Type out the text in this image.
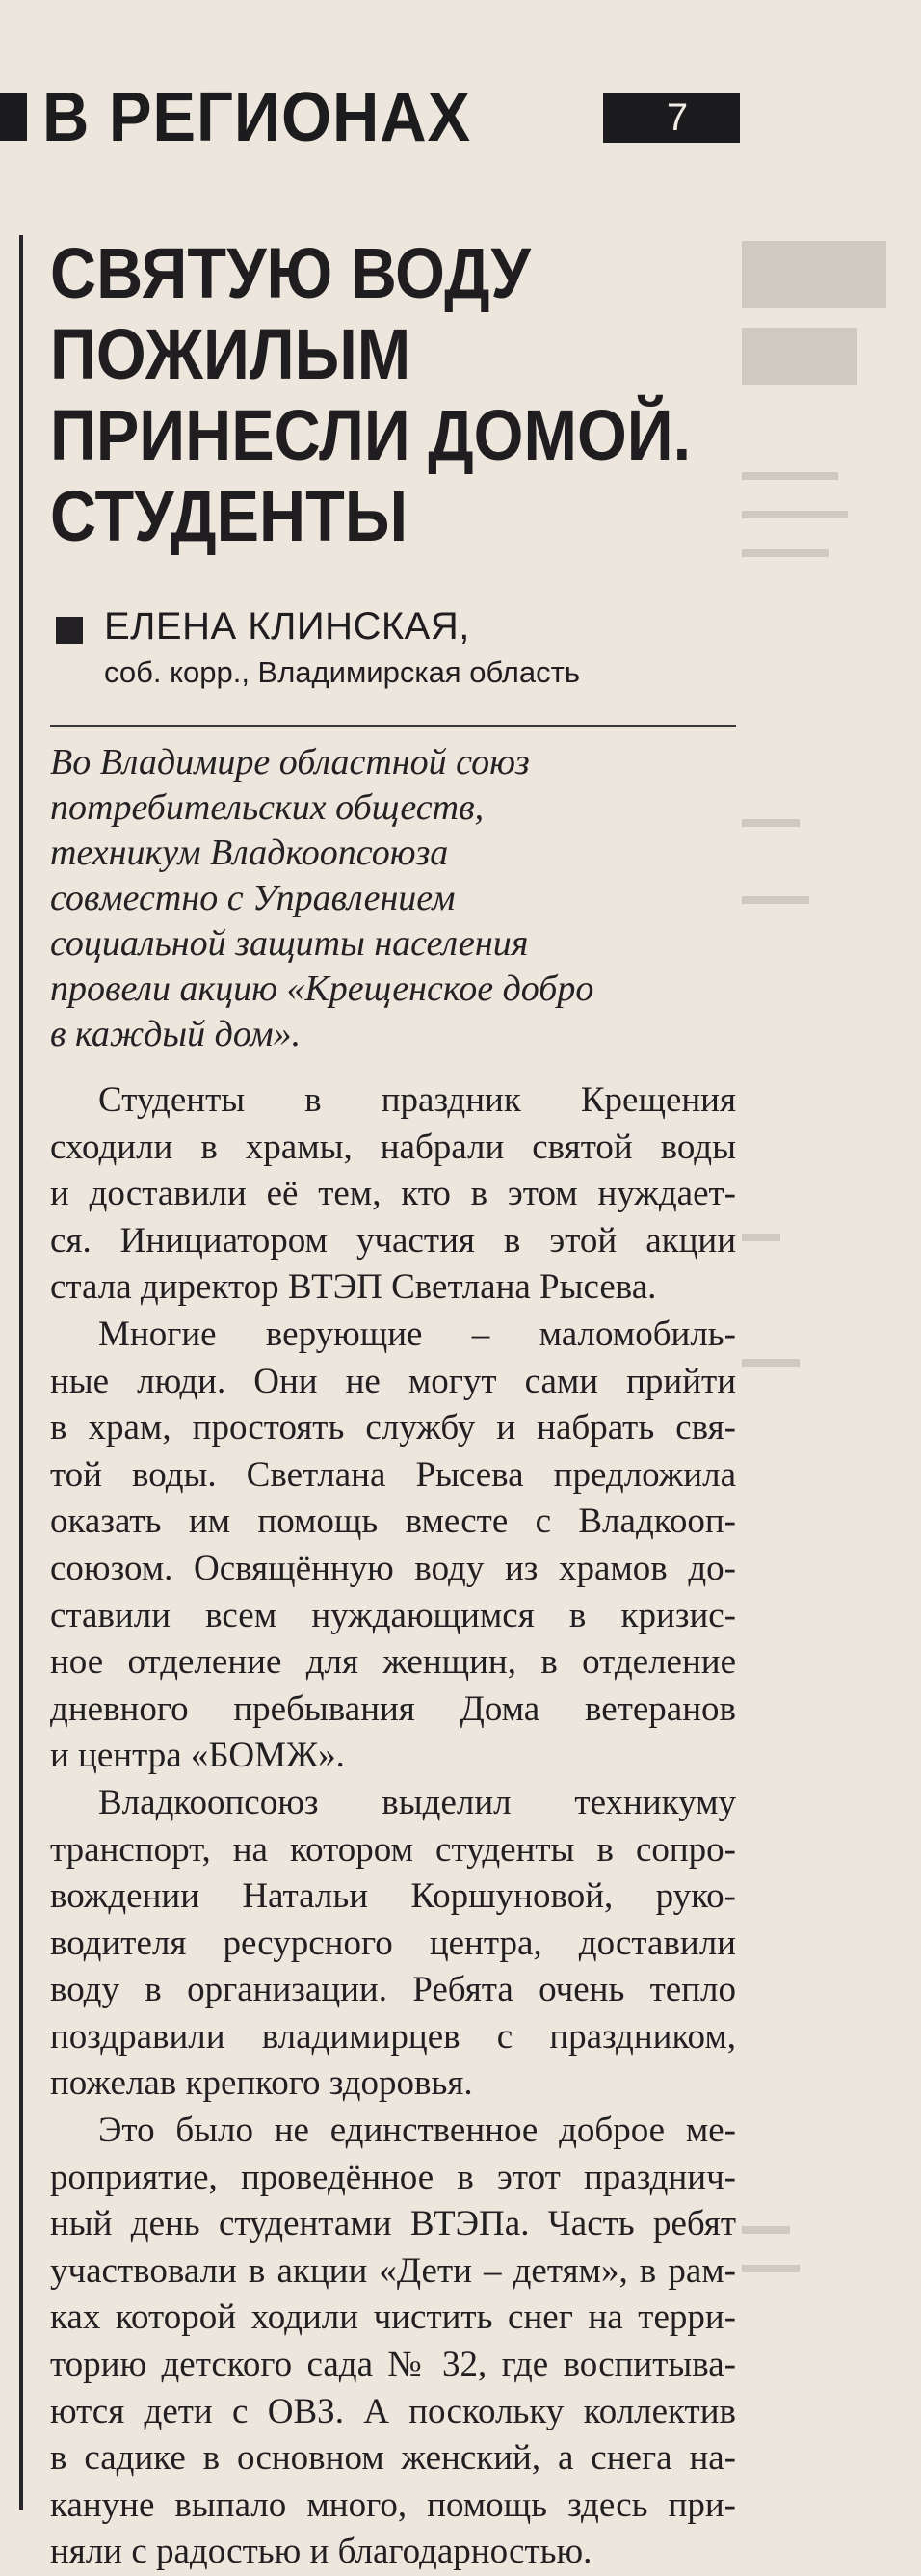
В РЕГИОНАХ	7
СВЯТУЮ ВОДУ
ПОЖИЛЫМ
ПРИНЕСЛИ ДОМОЙ.
СТУДЕНТЫ
ЕЛЕНА КЛИНСКАЯ,
соб. корр., Владимирская область
Во Владимире областной союз
потребительских обществ,
техникум Владкоопсоюза
совместно с Управлением
социальной защиты населения
провели акцию «Крещенское добро
в каждый дом».
Студенты в праздник Крещения
сходили в храмы, набрали святой воды
и доставили её тем, кто в этом нуждает-
ся. Инициатором участия в этой акции
стала директор ВТЭП Светлана Рысева.
Многие верующие – маломобиль-
ные люди. Они не могут сами прийти
в храм, простоять службу и набрать свя-
той воды. Светлана Рысева предложила
оказать им помощь вместе с Владкооп-
союзом. Освящённую воду из храмов до-
ставили всем нуждающимся в кризис-
ное отделение для женщин, в отделение
дневного пребывания Дома ветеранов
и центра «БОМЖ».
Владкоопсоюз выделил техникуму
транспорт, на котором студенты в сопро-
вождении Натальи Коршуновой, руко-
водителя ресурсного центра, доставили
воду в организации. Ребята очень тепло
поздравили владимирцев с праздником,
пожелав крепкого здоровья.
Это было не единственное доброе ме-
роприятие, проведённое в этот празднич-
ный день студентами ВТЭПа. Часть ребят
участвовали в акции «Дети – детям», в рам-
ках которой ходили чистить снег на терри-
торию детского сада № 32, где воспитыва-
ются дети с ОВЗ. А поскольку коллектив
в садике в основном женский, а снега на-
кануне выпало много, помощь здесь при-
няли с радостью и благодарностью.
